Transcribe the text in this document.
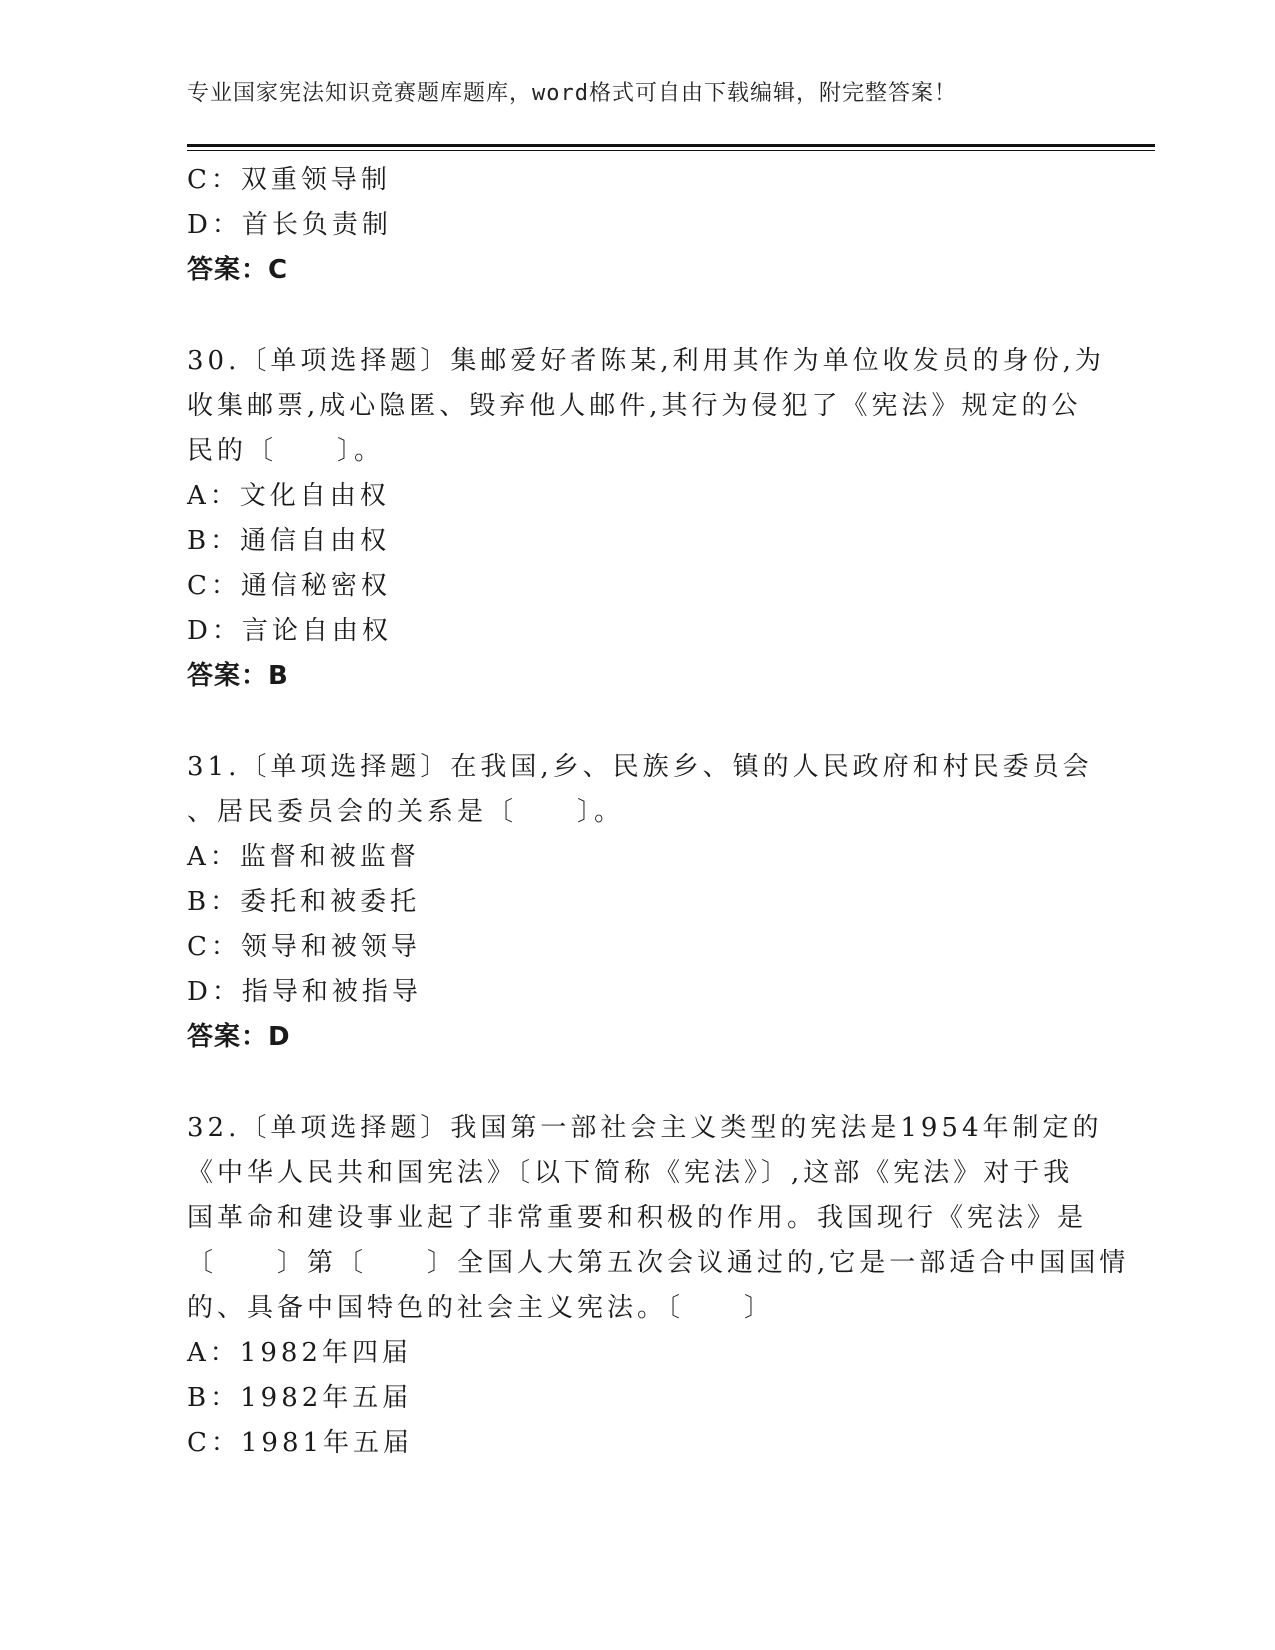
专业国家宪法知识竞赛题库题库，word格式可自由下载编辑，附完整答案！
C：双重领导制
D：首长负责制
答案：C
30.〔单项选择题〕集邮爱好者陈某,利用其作为单位收发员的身份,为
收集邮票,成心隐匿、毁弃他人邮件,其行为侵犯了《宪法》规定的公
民的〔　　〕。
A：文化自由权
B：通信自由权
C：通信秘密权
D：言论自由权
答案：B
31.〔单项选择题〕在我国,乡、民族乡、镇的人民政府和村民委员会
、居民委员会的关系是〔　　〕。
A：监督和被监督
B：委托和被委托
C：领导和被领导
D：指导和被指导
答案：D
32.〔单项选择题〕我国第一部社会主义类型的宪法是1954年制定的
《中华人民共和国宪法》〔以下简称《宪法》〕,这部《宪法》对于我
国革命和建设事业起了非常重要和积极的作用。我国现行《宪法》是
〔　　〕第〔　　〕全国人大第五次会议通过的,它是一部适合中国国情
的、具备中国特色的社会主义宪法。〔　　〕
A：1982年四届
B：1982年五届
C：1981年五届
